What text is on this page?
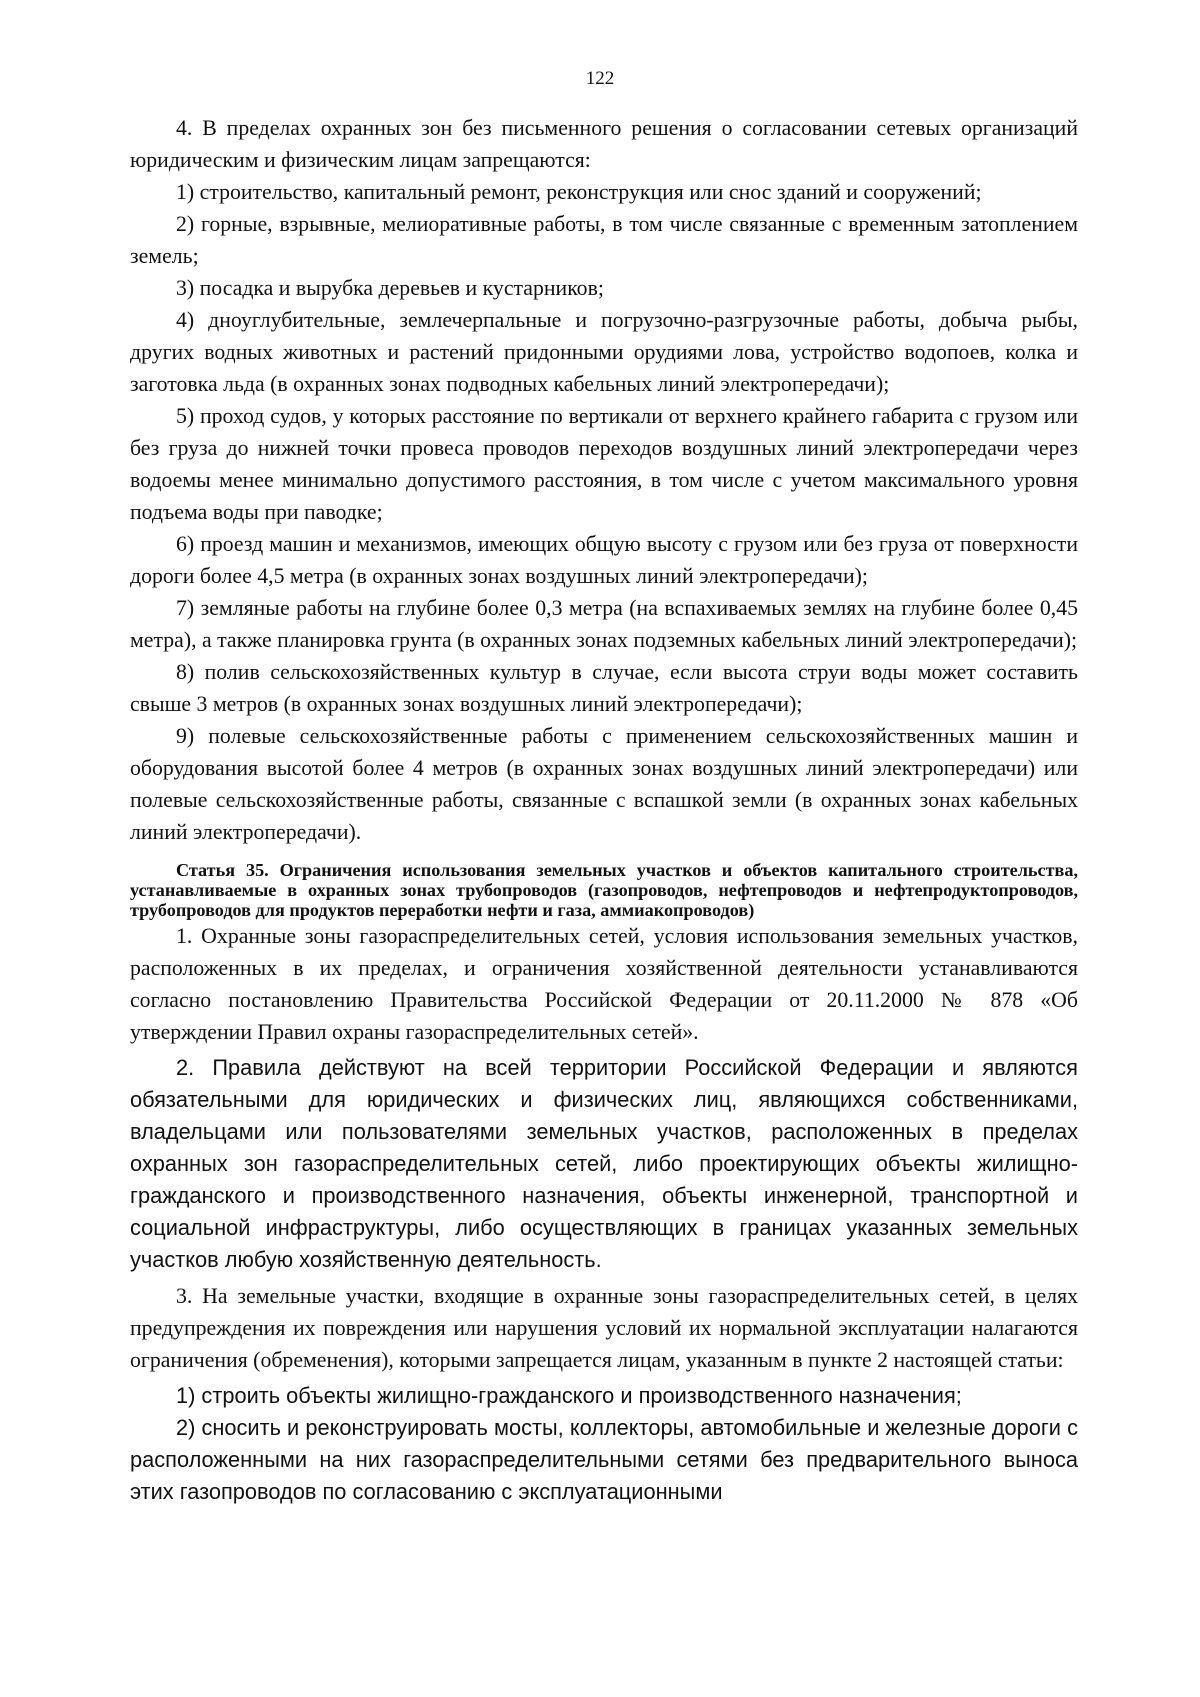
122

4. В пределах охранных зон без письменного решения о согласовании сетевых организаций юридическим и физическим лицам запрещаются:

1) строительство, капитальный ремонт, реконструкция или снос зданий и сооружений;

2) горные, взрывные, мелиоративные работы, в том числе связанные с временным затоплением земель;

3) посадка и вырубка деревьев и кустарников;

4) дноуглубительные, землечерпальные и погрузочно-разгрузочные работы, добыча рыбы, других водных животных и растений придонными орудиями лова, устройство водопоев, колка и заготовка льда (в охранных зонах подводных кабельных линий электропередачи);

5) проход судов, у которых расстояние по вертикали от верхнего крайнего габарита с грузом или без груза до нижней точки провеса проводов переходов воздушных линий электропередачи через водоемы менее минимально допустимого расстояния, в том числе с учетом максимального уровня подъема воды при паводке;

6) проезд машин и механизмов, имеющих общую высоту с грузом или без груза от поверхности дороги более 4,5 метра (в охранных зонах воздушных линий электропередачи);

7) земляные работы на глубине более 0,3 метра (на вспахиваемых землях на глубине более 0,45 метра), а также планировка грунта (в охранных зонах подземных кабельных линий электропередачи);

8) полив сельскохозяйственных культур в случае, если высота струи воды может составить свыше 3 метров (в охранных зонах воздушных линий электропередачи);

9) полевые сельскохозяйственные работы с применением сельскохозяйственных машин и оборудования высотой более 4 метров (в охранных зонах воздушных линий электропередачи) или полевые сельскохозяйственные работы, связанные с вспашкой земли (в охранных зонах кабельных линий электропередачи).

Статья 35. Ограничения использования земельных участков и объектов капитального строительства, устанавливаемые в охранных зонах трубопроводов (газопроводов, нефтепроводов и нефтепродуктопроводов, трубопроводов для продуктов переработки нефти и газа, аммиакопроводов)

1. Охранные зоны газораспределительных сетей, условия использования земельных участков, расположенных в их пределах, и ограничения хозяйственной деятельности устанавливаются согласно постановлению Правительства Российской Федерации от 20.11.2000 № 878 «Об утверждении Правил охраны газораспределительных сетей».

2. Правила действуют на всей территории Российской Федерации и являются обязательными для юридических и физических лиц, являющихся собственниками, владельцами или пользователями земельных участков, расположенных в пределах охранных зон газораспределительных сетей, либо проектирующих объекты жилищно-гражданского и производственного назначения, объекты инженерной, транспортной и социальной инфраструктуры, либо осуществляющих в границах указанных земельных участков любую хозяйственную деятельность.

3. На земельные участки, входящие в охранные зоны газораспределительных сетей, в целях предупреждения их повреждения или нарушения условий их нормальной эксплуатации налагаются ограничения (обременения), которыми запрещается лицам, указанным в пункте 2 настоящей статьи:

1) строить объекты жилищно-гражданского и производственного назначения;

2) сносить и реконструировать мосты, коллекторы, автомобильные и железные дороги с расположенными на них газораспределительными сетями без предварительного выноса этих газопроводов по согласованию с эксплуатационными
